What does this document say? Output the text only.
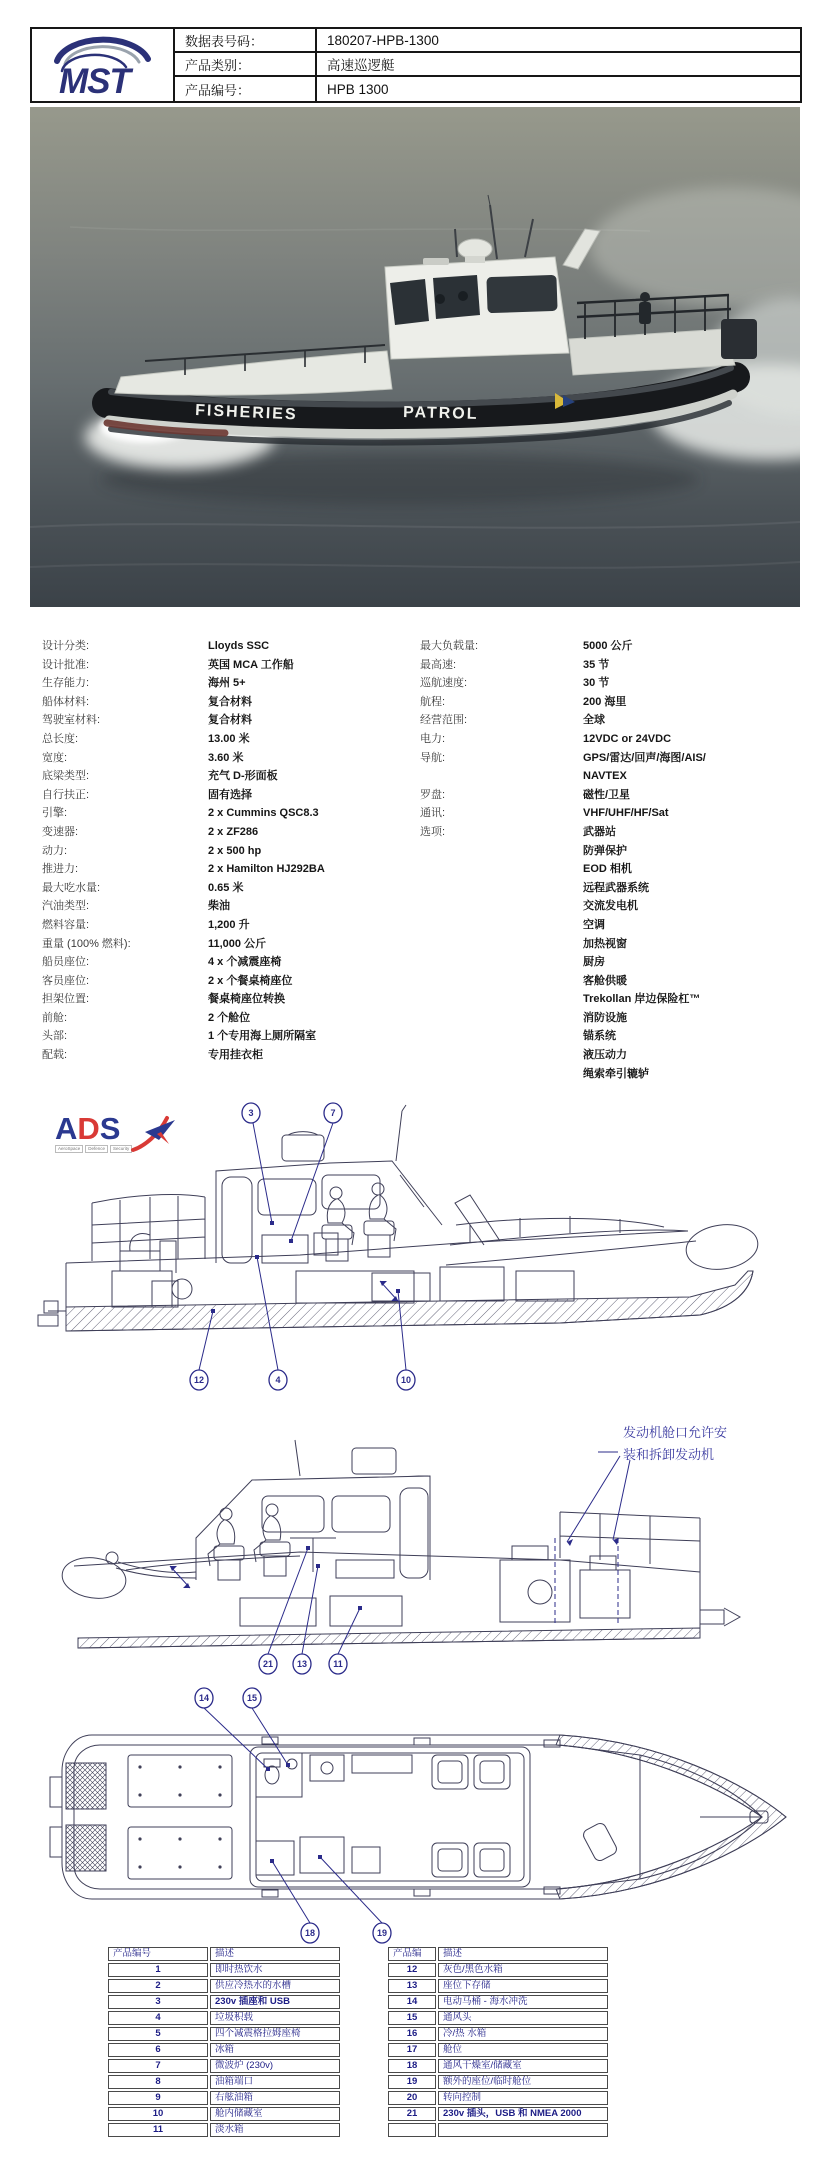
MST
数据表号码：	180207-HPB-1300
产品类别：	高速巡逻艇
产品编号：	HPB 1300
FISHERIES	PATROL
设计分类:	Lloyds SSC
设计批准:	英国 MCA 工作船
生存能力:	海州 5+
船体材料:	复合材料
驾驶室材料:	复合材料
总长度:	13.00 米
宽度:	3.60 米
底梁类型:	充气 D-形面板
自行扶正:	固有选择
引擎:	2 x Cummins QSC8.3
变速器:	2 x ZF286
动力:	2 x 500 hp
推进力:	2 x Hamilton HJ292BA
最大吃水量:	0.65 米
汽油类型:	柴油
燃料容量:	1,200 升
重量 (100% 燃料):	11,000 公斤
船员座位:	4 x 个减震座椅
客员座位:	2 x 个餐桌椅座位
担架位置:	餐桌椅座位转换
前舱:	2 个舱位
头部:	1 个专用海上厕所隔室
配载:	专用挂衣柜
最大负载量:	5000 公斤
最高速:	35 节
巡航速度:	30 节
航程:	200 海里
经营范围:	全球
电力:	12VDC or 24VDC
导航:	GPS/雷达/回声/海图/AIS/
NAVTEX
罗盘:	磁性/卫星
通讯:	VHF/UHF/HF/Sat
选项:	武器站
防弹保护
EOD 相机
远程武器系统
交流发电机
空调
加热视窗
厨房
客舱供暖
Trekollan 岸边保险杠™
消防设施
锚系统
液压动力
绳索牵引辘轳
ADS
AeroSpace	Defence	Security
3	7
12	4	10
发动机舱口允许安
装和拆卸发动机
21	13	11
14	15
18	19
产品编号	描述
1	即时热饮水
2	供应冷热水的水槽
3	230v 插座和 USB
4	垃圾积载
5	四个减震格拉姆座椅
6	冰箱
7	微波炉 (230v)
8	油箱端口
9	右舷油箱
10	舱内储藏室
11	淡水箱
产品编	描述
12	灰色/黑色水箱
13	座位下存储
14	电动马桶 - 海水冲洗
15	通风头
16	冷/热 水箱
17	舱位
18	通风干燥室/储藏室
19	额外的座位/临时舱位
20	转向控制
21	230v 插头，USB 和 NMEA 2000
